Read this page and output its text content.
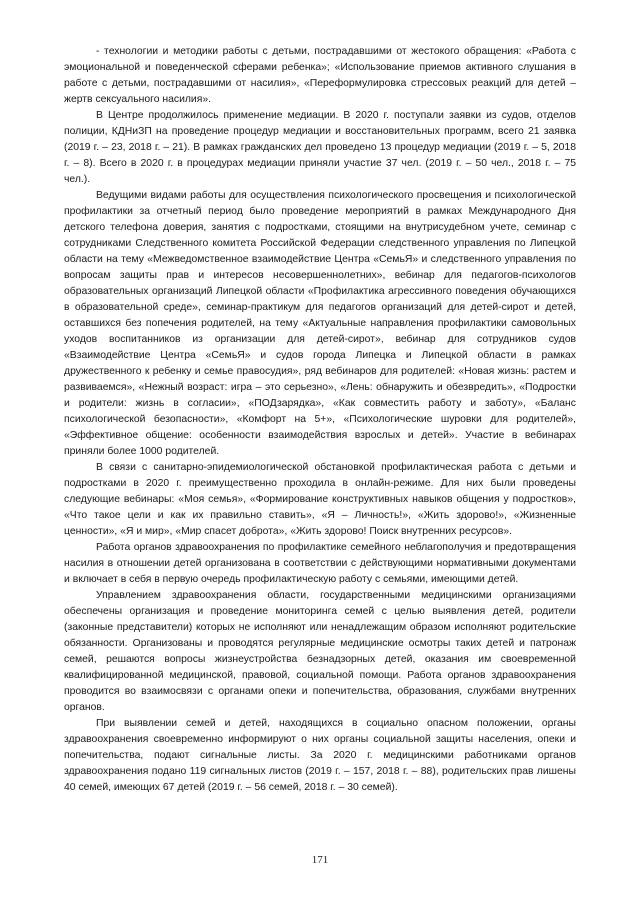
- технологии и методики работы с детьми, пострадавшими от жестокого обращения: «Работа с эмоциональной и поведенческой сферами ребенка»; «Использование приемов активного слушания в работе с детьми, пострадавшими от насилия», «Переформулировка стрессовых реакций для детей – жертв сексуального насилия».

В Центре продолжилось применение медиации. В 2020 г. поступали заявки из судов, отделов полиции, КДНиЗП на проведение процедур медиации и восстановительных программ, всего 21 заявка (2019 г. – 23, 2018 г. – 21). В рамках гражданских дел проведено 13 процедур медиации (2019 г. – 5, 2018 г. – 8). Всего в 2020 г. в процедурах медиации приняли участие 37 чел. (2019 г. – 50 чел., 2018 г. – 75 чел.).

Ведущими видами работы для осуществления психологического просвещения и психологической профилактики за отчетный период было проведение мероприятий в рамках Международного Дня детского телефона доверия, занятия с подростками, стоящими на внутрисудебном учете, семинар с сотрудниками Следственного комитета Российской Федерации следственного управления по Липецкой области на тему «Межведомственное взаимодействие Центра «СемьЯ» и следственного управления по вопросам защиты прав и интересов несовершеннолетних», вебинар для педагогов-психологов образовательных организаций Липецкой области «Профилактика агрессивного поведения обучающихся в образовательной среде», семинар-практикум для педагогов организаций для детей-сирот и детей, оставшихся без попечения родителей, на тему «Актуальные направления профилактики самовольных уходов воспитанников из организации для детей-сирот», вебинар для сотрудников судов «Взаимодействие Центра «СемьЯ» и судов города Липецка и Липецкой области в рамках дружественного к ребенку и семье правосудия», ряд вебинаров для родителей: «Новая жизнь: растем и развиваемся», «Нежный возраст: игра – это серьезно», «Лень: обнаружить и обезвредить», «Подростки и родители: жизнь в согласии», «ПОДзарядка», «Как совместить работу и заботу», «Баланс психологической безопасности», «Комфорт на 5+», «Психологические шуровки для родителей», «Эффективное общение: особенности взаимодействия взрослых и детей». Участие в вебинарах приняли более 1000 родителей.

В связи с санитарно-эпидемиологической обстановкой профилактическая работа с детьми и подростками в 2020 г. преимущественно проходила в онлайн-режиме. Для них были проведены следующие вебинары: «Моя семья», «Формирование конструктивных навыков общения у подростков», «Что такое цели и как их правильно ставить», «Я – Личность!», «Жить здорово!», «Жизненные ценности», «Я и мир», «Мир спасет доброта», «Жить здорово! Поиск внутренних ресурсов».

Работа органов здравоохранения по профилактике семейного неблагополучия и предотвращения насилия в отношении детей организована в соответствии с действующими нормативными документами и включает в себя в первую очередь профилактическую работу с семьями, имеющими детей.

Управлением здравоохранения области, государственными медицинскими организациями обеспечены организация и проведение мониторинга семей с целью выявления детей, родители (законные представители) которых не исполняют или ненадлежащим образом исполняют родительские обязанности. Организованы и проводятся регулярные медицинские осмотры таких детей и патронаж семей, решаются вопросы жизнеустройства безнадзорных детей, оказания им своевременной квалифицированной медицинской, правовой, социальной помощи. Работа органов здравоохранения проводится во взаимосвязи с органами опеки и попечительства, образования, службами внутренних органов.

При выявлении семей и детей, находящихся в социально опасном положении, органы здравоохранения своевременно информируют о них органы социальной защиты населения, опеки и попечительства, подают сигнальные листы. За 2020 г. медицинскими работниками органов здравоохранения подано 119 сигнальных листов (2019 г. – 157, 2018 г. – 88), родительских прав лишены 40 семей, имеющих 67 детей (2019 г. – 56 семей, 2018 г. – 30 семей).

171
